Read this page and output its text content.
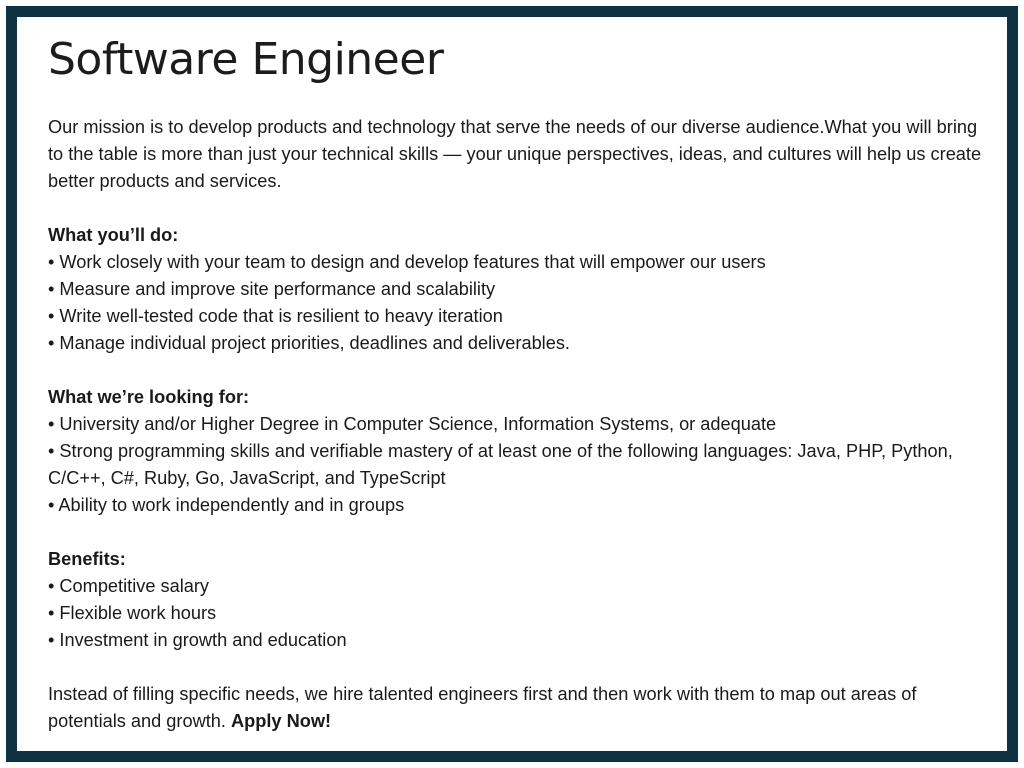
Software Engineer

Our mission is to develop products and technology that serve the needs of our diverse audience.What you will bring to the table is more than just your technical skills — your unique perspectives, ideas, and cultures will help us create better products and services.

What you’ll do:
• Work closely with your team to design and develop features that will empower our users
• Measure and improve site performance and scalability
• Write well-tested code that is resilient to heavy iteration
• Manage individual project priorities, deadlines and deliverables.
What we’re looking for:
• University and/or Higher Degree in Computer Science, Information Systems, or adequate
• Strong programming skills and verifiable mastery of at least one of the following languages: Java, PHP, Python, C/C++, C#, Ruby, Go, JavaScript, and TypeScript
• Ability to work independently and in groups
Benefits:
• Competitive salary
• Flexible work hours
• Investment in growth and education

Instead of filling specific needs, we hire talented engineers first and then work with them to map out areas of potentials and growth. Apply Now!
